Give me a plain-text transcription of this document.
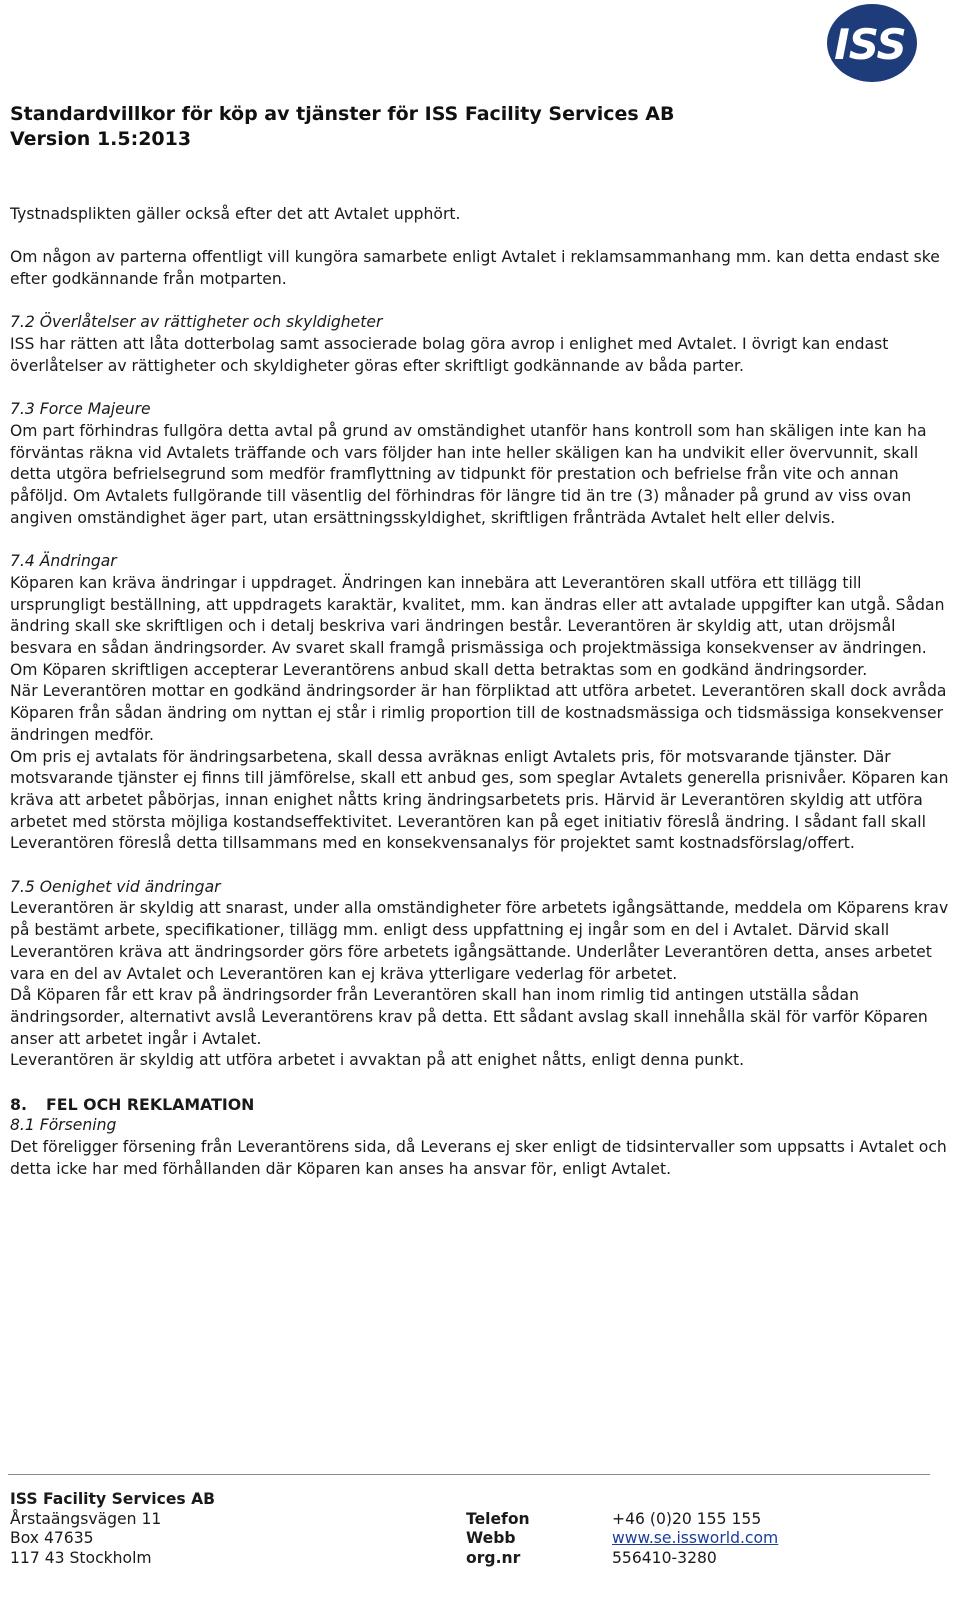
ISS
Standardvillkor för köp av tjänster för ISS Facility Services AB
Version 1.5:2013

Tystnadsplikten gäller också efter det att Avtalet upphört.

Om någon av parterna offentligt vill kungöra samarbete enligt Avtalet i reklamsammanhang mm. kan detta endast ske efter godkännande från motparten.

7.2 Överlåtelser av rättigheter och skyldigheter
ISS har rätten att låta dotterbolag samt associerade bolag göra avrop i enlighet med Avtalet. I övrigt kan endast överlåtelser av rättigheter och skyldigheter göras efter skriftligt godkännande av båda parter.

7.3 Force Majeure
Om part förhindras fullgöra detta avtal på grund av omständighet utanför hans kontroll som han skäligen inte kan ha förväntas räkna vid Avtalets träffande och vars följder han inte heller skäligen kan ha undvikit eller övervunnit, skall detta utgöra befrielsegrund som medför framflyttning av tidpunkt för prestation och befrielse från vite och annan påföljd. Om Avtalets fullgörande till väsentlig del förhindras för längre tid än tre (3) månader på grund av viss ovan angiven omständighet äger part, utan ersättningsskyldighet, skriftligen frånträda Avtalet helt eller delvis.

7.4 Ändringar
Köparen kan kräva ändringar i uppdraget. Ändringen kan innebära att Leverantören skall utföra ett tillägg till ursprungligt beställning, att uppdragets karaktär, kvalitet, mm. kan ändras eller att avtalade uppgifter kan utgå. Sådan ändring skall ske skriftligen och i detalj beskriva vari ändringen består. Leverantören är skyldig att, utan dröjsmål besvara en sådan ändringsorder. Av svaret skall framgå prismässiga och projektmässiga konsekvenser av ändringen. Om Köparen skriftligen accepterar Leverantörens anbud skall detta betraktas som en godkänd ändringsorder.
När Leverantören mottar en godkänd ändringsorder är han förpliktad att utföra arbetet. Leverantören skall dock avråda Köparen från sådan ändring om nyttan ej står i rimlig proportion till de kostnadsmässiga och tidsmässiga konsekvenser ändringen medför.
Om pris ej avtalats för ändringsarbetena, skall dessa avräknas enligt Avtalets pris, för motsvarande tjänster. Där motsvarande tjänster ej finns till jämförelse, skall ett anbud ges, som speglar Avtalets generella prisnivåer. Köparen kan kräva att arbetet påbörjas, innan enighet nåtts kring ändringsarbetets pris. Härvid är Leverantören skyldig att utföra arbetet med största möjliga kostandseffektivitet. Leverantören kan på eget initiativ föreslå ändring. I sådant fall skall Leverantören föreslå detta tillsammans med en konsekvensanalys för projektet samt kostnadsförslag/offert.

7.5 Oenighet vid ändringar
Leverantören är skyldig att snarast, under alla omständigheter före arbetets igångsättande, meddela om Köparens krav på bestämt arbete, specifikationer, tillägg mm. enligt dess uppfattning ej ingår som en del i Avtalet. Därvid skall Leverantören kräva att ändringsorder görs före arbetets igångsättande. Underlåter Leverantören detta, anses arbetet vara en del av Avtalet och Leverantören kan ej kräva ytterligare vederlag för arbetet.
Då Köparen får ett krav på ändringsorder från Leverantören skall han inom rimlig tid antingen utställa sådan ändringsorder, alternativt avslå Leverantörens krav på detta. Ett sådant avslag skall innehålla skäl för varför Köparen anser att arbetet ingår i Avtalet.
Leverantören är skyldig att utföra arbetet i avvaktan på att enighet nåtts, enligt denna punkt.

8. FEL OCH REKLAMATION
8.1 Försening
Det föreligger försening från Leverantörens sida, då Leverans ej sker enligt de tidsintervaller som uppsatts i Avtalet och detta icke har med förhållanden där Köparen kan anses ha ansvar för, enligt Avtalet.

ISS Facility Services AB
Årstaängsvägen 11
Box 47635
117 43 Stockholm
Telefon	+46 (0)20 155 155
Webb	www.se.issworld.com
org.nr	556410-3280
